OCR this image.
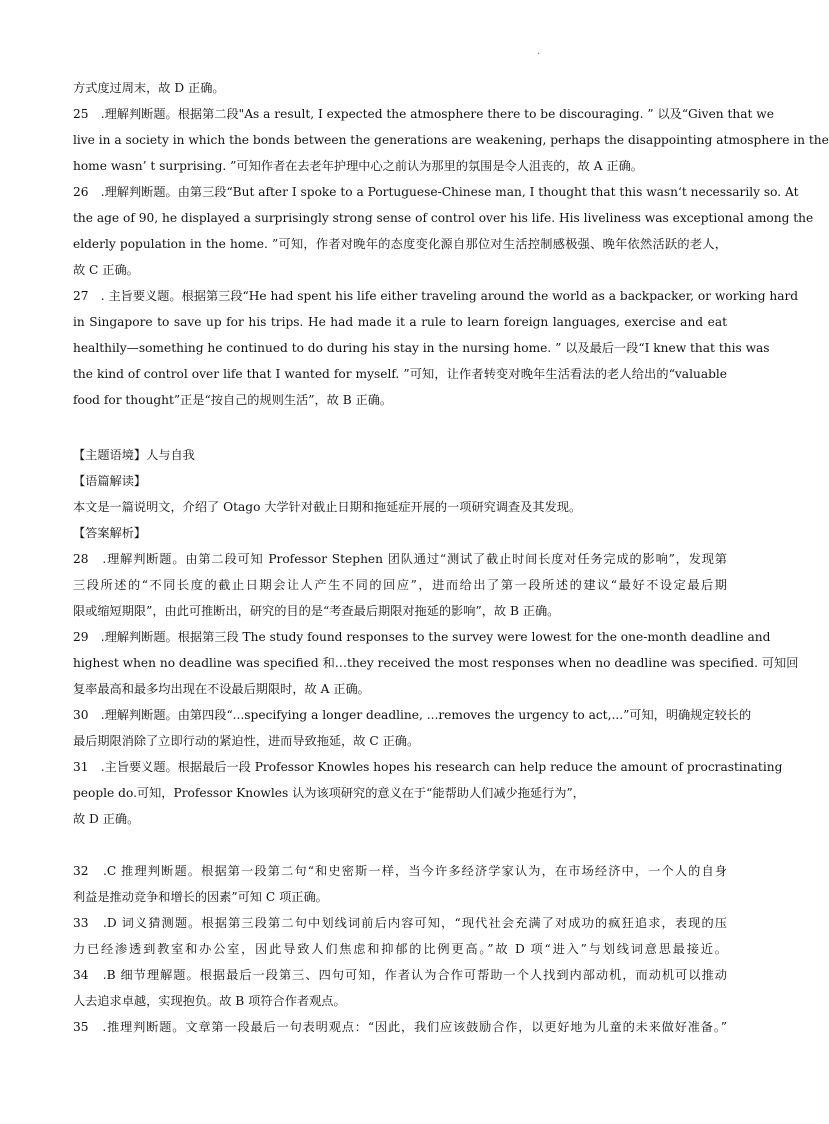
.
方式度过周末，故 D 正确。
25　.理解判断题。根据第二段"As a result, I expected the atmosphere there to be discouraging. ” 以及“Given that we
live in a society in which the bonds between the generations are weakening, perhaps the disappointing atmosphere in the
home wasn’ t surprising. ”可知作者在去老年护理中心之前认为那里的氛围是令人沮丧的，故 A 正确。
26　.理解判断题。由第三段“But after I spoke to a Portuguese-Chinese man, I thought that this wasn‘t necessarily so. At
the age of 90, he displayed a surprisingly strong sense of control over his life. His liveliness was exceptional among the
elderly population in the home. ”可知，作者对晚年的态度变化源自那位对生活控制感极强、晚年依然活跃的老人，
故 C 正确。
27　. 主旨要义题。根据第三段“He had spent his life either traveling around the world as a backpacker, or working hard
in Singapore to save up for his trips. He had made it a rule to learn foreign languages, exercise and eat
healthily—something he continued to do during his stay in the nursing home. ” 以及最后一段“I knew that this was
the kind of control over life that I wanted for myself. ”可知，让作者转变对晚年生活看法的老人给出的“valuable
food for thought”正是“按自己的规则生活”，故 B 正确。
【主题语境】人与自我
【语篇解读】
本文是一篇说明文，介绍了 Otago 大学针对截止日期和拖延症开展的一项研究调查及其发现。
【答案解析】
28　.理解判断题。由第二段可知 Professor Stephen 团队通过“测试了截止时间长度对任务完成的影响”，发现第
三段所述的“不同长度的截止日期会让人产生不同的回应”，进而给出了第一段所述的建议“最好不设定最后期
限或缩短期限”，由此可推断出，研究的目的是“考查最后期限对拖延的影响”，故 B 正确。
29　.理解判断题。根据第三段 The study found responses to the survey were lowest for the one-month deadline and
highest when no deadline was specified 和…they received the most responses when no deadline was specified. 可知回
复率最高和最多均出现在不设最后期限时，故 A 正确。
30　.理解判断题。由第四段“...specifying a longer deadline, ...removes the urgency to act,...”可知，明确规定较长的
最后期限消除了立即行动的紧迫性，进而导致拖延，故 C 正确。
31　.主旨要义题。根据最后一段 Professor Knowles hopes his research can help reduce the amount of procrastinating
people do.可知，Professor Knowles 认为该项研究的意义在于“能帮助人们减少拖延行为”，
故 D 正确。
32　.C 推理判断题。根据第一段第二句“和史密斯一样，当今许多经济学家认为，在市场经济中，一个人的自身
利益是推动竞争和增长的因素”可知 C 项正确。
33　.D 词义猜测题。根据第三段第二句中划线词前后内容可知，“现代社会充满了对成功的疯狂追求，表现的压
力已经渗透到教室和办公室，因此导致人们焦虑和抑郁的比例更高。”故 D 项“进入”与划线词意思最接近。
34　.B 细节理解题。根据最后一段第三、四句可知，作者认为合作可帮助一个人找到内部动机，而动机可以推动
人去追求卓越，实现抱负。故 B 项符合作者观点。
35　.推理判断题。文章第一段最后一句表明观点：“因此，我们应该鼓励合作，以更好地为儿童的未来做好准备。”
